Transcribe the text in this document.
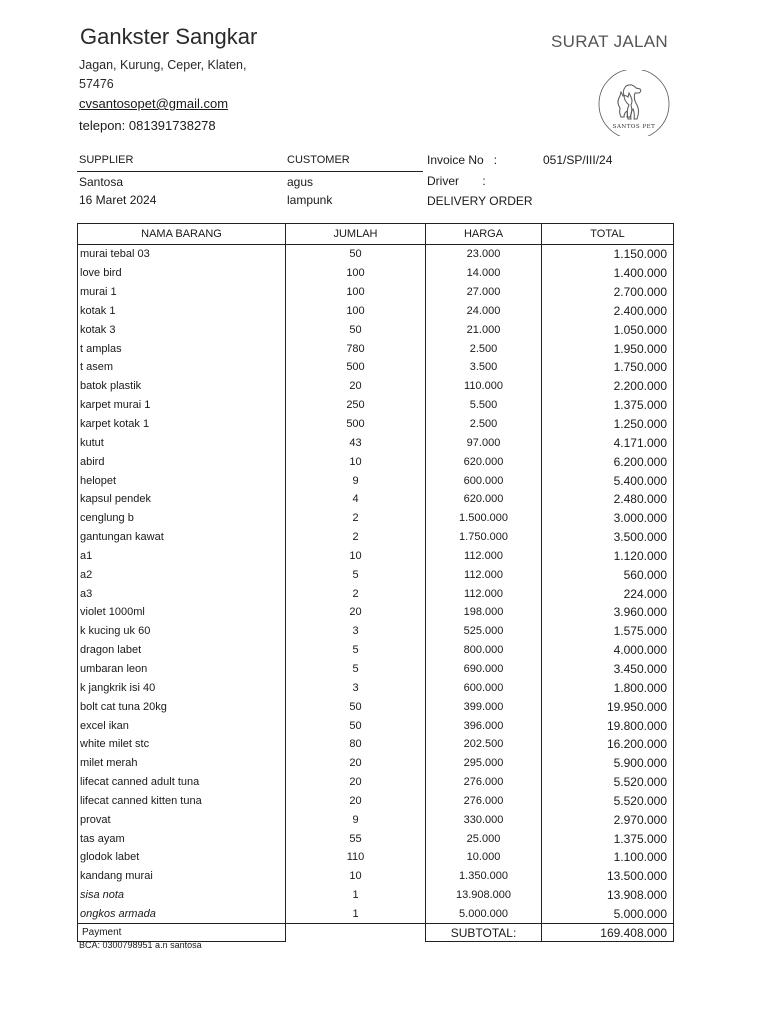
Gankster Sangkar
Jagan, Kurung, Ceper, Klaten, 57476
cvsantosopet@gmail.com
telepon: 081391738278
SURAT JALAN
SANTOS PET
SUPPLIER	CUSTOMER	Invoice No   :	051/SP/III/24
Santosa	agus	Driver       :
16 Maret 2024	lampunk	DELIVERY ORDER
NAMA BARANG	JUMLAH	HARGA	TOTAL
murai tebal 03	50	23.000	1.150.000
love bird	100	14.000	1.400.000
murai 1	100	27.000	2.700.000
kotak 1	100	24.000	2.400.000
kotak 3	50	21.000	1.050.000
t amplas	780	2.500	1.950.000
t asem	500	3.500	1.750.000
batok plastik	20	110.000	2.200.000
karpet murai 1	250	5.500	1.375.000
karpet kotak 1	500	2.500	1.250.000
kutut	43	97.000	4.171.000
abird	10	620.000	6.200.000
helopet	9	600.000	5.400.000
kapsul pendek	4	620.000	2.480.000
cenglung b	2	1.500.000	3.000.000
gantungan kawat	2	1.750.000	3.500.000
a1	10	112.000	1.120.000
a2	5	112.000	560.000
a3	2	112.000	224.000
violet 1000ml	20	198.000	3.960.000
k kucing uk 60	3	525.000	1.575.000
dragon labet	5	800.000	4.000.000
umbaran leon	5	690.000	3.450.000
k jangkrik isi 40	3	600.000	1.800.000
bolt cat tuna 20kg	50	399.000	19.950.000
excel ikan	50	396.000	19.800.000
white milet stc	80	202.500	16.200.000
milet merah	20	295.000	5.900.000
lifecat canned adult tuna	20	276.000	5.520.000
lifecat canned kitten tuna	20	276.000	5.520.000
provat	9	330.000	2.970.000
tas ayam	55	25.000	1.375.000
glodok labet	110	10.000	1.100.000
kandang murai	10	1.350.000	13.500.000
sisa nota	1	13.908.000	13.908.000
ongkos armada	1	5.000.000	5.000.000
Payment		SUBTOTAL:	169.408.000
BCA: 0300798951 a.n santosa
